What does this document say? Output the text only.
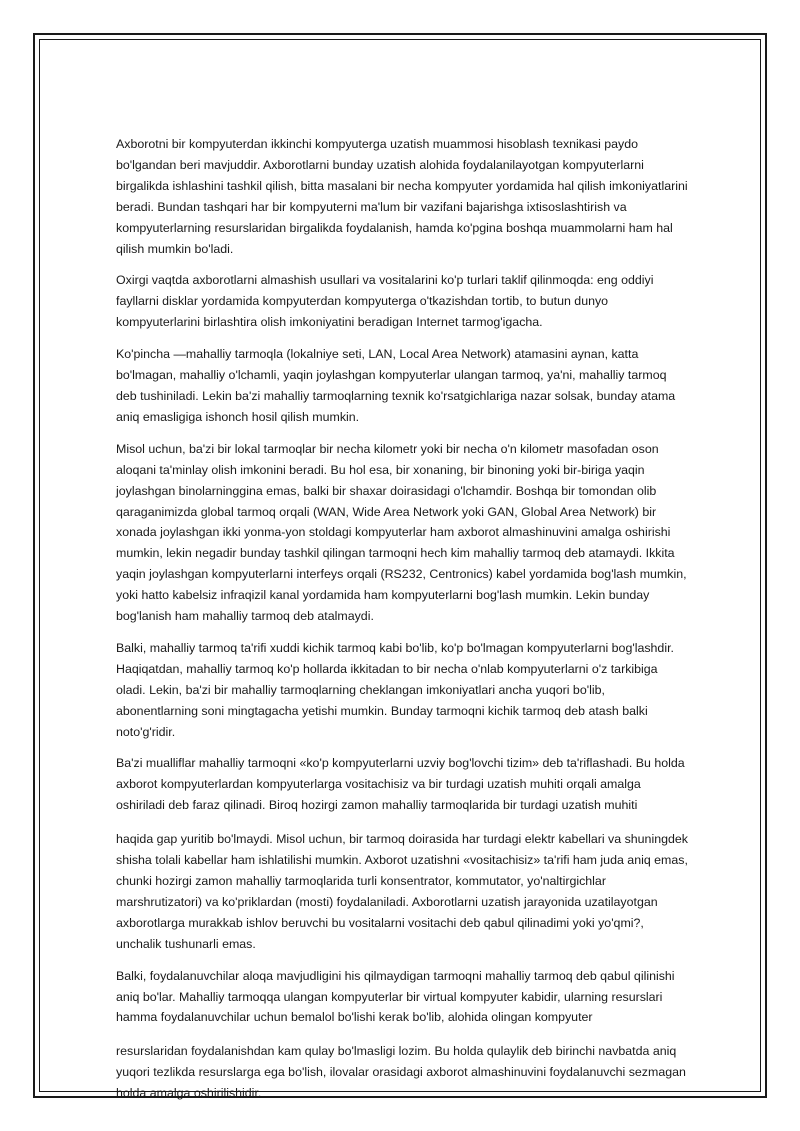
Axborotni bir kompyuterdan ikkinchi kompyuterga uzatish muammosi hisoblash texnikasi paydo bo'lgandan beri mavjuddir. Axborotlarni bunday uzatish alohida foydalanilayotgan kompyuterlarni birgalikda ishlashini tashkil qilish, bitta masalani bir necha kompyuter yordamida hal qilish imkoniyatlarini beradi. Bundan tashqari har bir kompyuterni ma'lum bir vazifani bajarishga ixtisoslashtirish va kompyuterlarning resurslaridan birgalikda foydalanish, hamda ko'pgina boshqa muammolarni ham hal qilish mumkin bo'ladi.

Oxirgi vaqtda axborotlarni almashish usullari va vositalarini ko'p turlari taklif qilinmoqda: eng oddiyi fayllarni disklar yordamida kompyuterdan kompyuterga o'tkazishdan tortib, to butun dunyo kompyuterlarini birlashtira olish imkoniyatini beradigan Internet tarmog'igacha.

Ko'pincha —mahalliy tarmoqla (lokalniye seti, LAN, Local Area Network) atamasini aynan, katta bo'lmagan, mahalliy o'lchamli, yaqin joylashgan kompyuterlar ulangan tarmoq, ya'ni, mahalliy tarmoq deb tushiniladi. Lekin ba'zi mahalliy tarmoqlarning texnik ko'rsatgichlariga nazar solsak, bunday atama aniq emasligiga ishonch hosil qilish mumkin.

Misol uchun, ba'zi bir lokal tarmoqlar bir necha kilometr yoki bir necha o'n kilometr masofadan oson aloqani ta'minlay olish imkonini beradi. Bu hol esa, bir xonaning, bir binoning yoki bir-biriga yaqin joylashgan binolarninggina emas, balki bir shaxar doirasidagi o'lchamdir. Boshqa bir tomondan olib qaraganimizda global tarmoq orqali (WAN, Wide Area Network yoki GAN, Global Area Network) bir xonada joylashgan ikki yonma-yon stoldagi kompyuterlar ham axborot almashinuvini amalga oshirishi mumkin, lekin negadir bunday tashkil qilingan tarmoqni hech kim mahalliy tarmoq deb atamaydi. Ikkita yaqin joylashgan kompyuterlarni interfeys orqali (RS232, Centronics) kabel yordamida bog'lash mumkin, yoki hatto kabelsiz infraqizil kanal yordamida ham kompyuterlarni bog'lash mumkin. Lekin bunday bog'lanish ham mahalliy tarmoq deb atalmaydi.

Balki, mahalliy tarmoq ta'rifi xuddi kichik tarmoq kabi bo'lib, ko'p bo'lmagan kompyuterlarni bog'lashdir. Haqiqatdan, mahalliy tarmoq ko'p hollarda ikkitadan to bir necha o'nlab kompyuterlarni o'z tarkibiga oladi. Lekin, ba'zi bir mahalliy tarmoqlarning cheklangan imkoniyatlari ancha yuqori bo'lib, abonentlarning soni mingtagacha yetishi mumkin. Bunday tarmoqni kichik tarmoq deb atash balki noto'g'ridir.

Ba'zi mualliflar mahalliy tarmoqni «ko'p kompyuterlarni uzviy bog'lovchi tizim» deb ta'riflashadi. Bu holda axborot kompyuterlardan kompyuterlarga vositachisiz va bir turdagi uzatish muhiti orqali amalga oshiriladi deb faraz qilinadi. Biroq hozirgi zamon mahalliy tarmoqlarida bir turdagi uzatish muhiti

haqida gap yuritib bo'lmaydi. Misol uchun, bir tarmoq doirasida har turdagi elektr kabellari va shuningdek shisha tolali kabellar ham ishlatilishi mumkin. Axborot uzatishni «vositachisiz» ta'rifi ham juda aniq emas, chunki hozirgi zamon mahalliy tarmoqlarida turli konsentrator, kommutator, yo'naltirgichlar marshrutizatori) va ko'priklardan (mosti) foydalaniladi. Axborotlarni uzatish jarayonida uzatilayotgan axborotlarga murakkab ishlov beruvchi bu vositalarni vositachi deb qabul qilinadimi yoki yo'qmi?, unchalik tushunarli emas.

Balki, foydalanuvchilar aloqa mavjudligini his qilmaydigan tarmoqni mahalliy tarmoq deb qabul qilinishi aniq bo'lar. Mahalliy tarmoqqa ulangan kompyuterlar bir virtual kompyuter kabidir, ularning resurslari hamma foydalanuvchilar uchun bemalol bo'lishi kerak bo'lib, alohida olingan kompyuter

resurslaridan foydalanishdan kam qulay bo'lmasligi lozim. Bu holda qulaylik deb birinchi navbatda aniq yuqori tezlikda resurslarga ega bo'lish, ilovalar orasidagi axborot almashinuvini foydalanuvchi sezmagan holda amalga oshirilishidir.
